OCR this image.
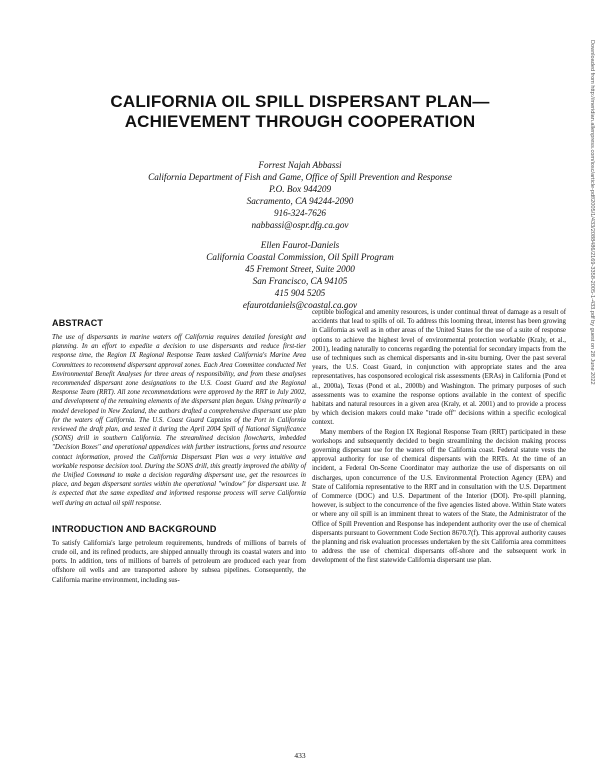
Downloaded from http://meridian.allenpress.com/iosc/article-pdf/2005/1/433/2088486/2169-3358-2005-1-433.pdf by guest on 28 June 2022
CALIFORNIA OIL SPILL DISPERSANT PLAN—
ACHIEVEMENT THROUGH COOPERATION
Forrest Najah Abbassi
California Department of Fish and Game, Office of Spill Prevention and Response
P.O. Box 944209
Sacramento, CA 94244-2090
916-324-7626
nabbassi@ospr.dfg.ca.gov
Ellen Faurot-Daniels
California Coastal Commission, Oil Spill Program
45 Fremont Street, Suite 2000
San Francisco, CA 94105
415 904 5205
efaurotdaniels@coastal.ca.gov
ABSTRACT

The use of dispersants in marine waters off California requires detailed foresight and planning. In an effort to expedite a decision to use dispersants and reduce first-tier response time, the Region IX Regional Response Team tasked California's Marine Area Committees to recommend dispersant approval zones. Each Area Committee conducted Net Environmental Benefit Analyses for three areas of responsibility, and from these analyses recommended dispersant zone designations to the U.S. Coast Guard and the Regional Response Team (RRT). All zone recommendations were approved by the RRT in July 2002, and development of the remaining elements of the dispersant plan began. Using primarily a model developed in New Zealand, the authors drafted a comprehensive dispersant use plan for the waters off California. The U.S. Coast Guard Captains of the Port in California reviewed the draft plan, and tested it during the April 2004 Spill of National Significance (SONS) drill in southern California. The streamlined decision flowcharts, imbedded "Decision Boxes" and operational appendices with further instructions, forms and resource contact information, proved the California Dispersant Plan was a very intuitive and workable response decision tool. During the SONS drill, this greatly improved the ability of the Unified Command to make a decision regarding dispersant use, get the resources in place, and began dispersant sorties within the operational "window" for dispersant use. It is expected that the same expedited and informed response process will serve California well during an actual oil spill response.

INTRODUCTION AND BACKGROUND

To satisfy California's large petroleum requirements, hundreds of millions of barrels of crude oil, and its refined products, are shipped annually through its coastal waters and into ports. In addition, tens of millions of barrels of petroleum are produced each year from offshore oil wells and are transported ashore by subsea pipelines. Consequently, the California marine environment, including sus-

ceptible biological and amenity resources, is under continual threat of damage as a result of accidents that lead to spills of oil. To address this looming threat, interest has been growing in California as well as in other areas of the United States for the use of a suite of response options to achieve the highest level of environmental protection workable (Kraly, et al., 2001), leading naturally to concerns regarding the potential for secondary impacts from the use of techniques such as chemical dispersants and in-situ burning. Over the past several years, the U.S. Coast Guard, in conjunction with appropriate states and the area representatives, has cosponsored ecological risk assessments (ERAs) in California (Pond et al., 2000a), Texas (Pond et al., 2000b) and Washington. The primary purposes of such assessments was to examine the response options available in the context of specific habitats and natural resources in a given area (Kraly, et al. 2001) and to provide a process by which decision makers could make "trade off" decisions within a specific ecological context.

Many members of the Region IX Regional Response Team (RRT) participated in these workshops and subsequently decided to begin streamlining the decision making process governing dispersant use for the waters off the California coast. Federal statute vests the approval authority for use of chemical dispersants with the RRTs. At the time of an incident, a Federal On-Scene Coordinator may authorize the use of dispersants on oil discharges, upon concurrence of the U.S. Environmental Protection Agency (EPA) and State of California representative to the RRT and in consultation with the U.S. Department of Commerce (DOC) and U.S. Department of the Interior (DOI). Pre-spill planning, however, is subject to the concurrence of the five agencies listed above. Within State waters or where any oil spill is an imminent threat to waters of the State, the Administrator of the Office of Spill Prevention and Response has independent authority over the use of chemical dispersants pursuant to Government Code Section 8670.7(f). This approval authority causes the planning and risk evaluation processes undertaken by the six California area committees to address the use of chemical dispersants off-shore and the subsequent work in development of the first statewide California dispersant use plan.

433
